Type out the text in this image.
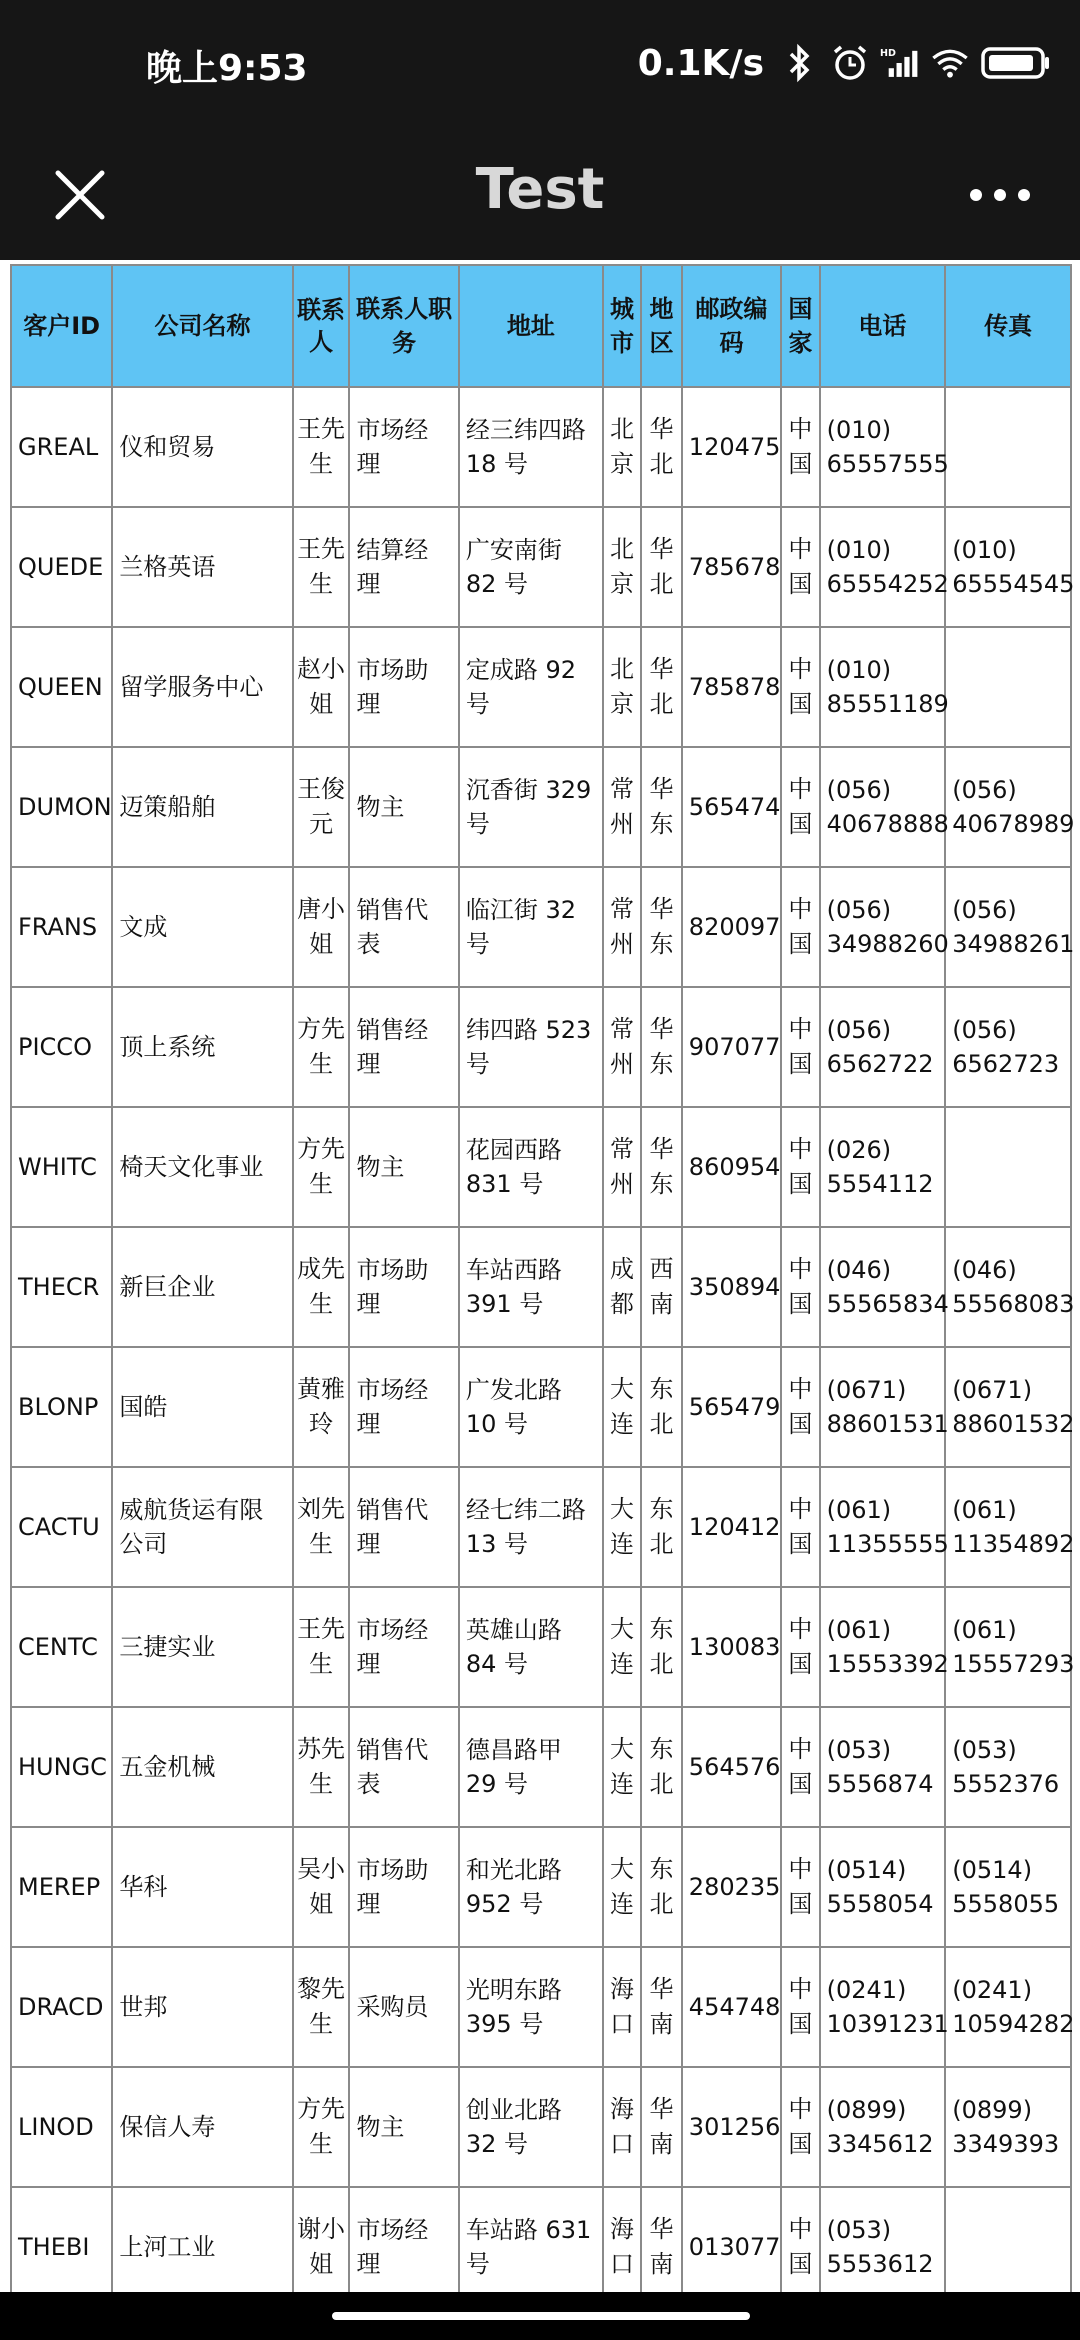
晚上9:53	0.1K/s	HD
Test
客户ID	公司名称	联系人	联系人职务	地址	城市	地区	邮政编码	国家	电话	传真
GREAL	仪和贸易	王先生	市场经理	经三纬四路 18 号	北京	华北	120475	中国	(010) 65557555	
QUEDE	兰格英语	王先生	结算经理	广安南街 82 号	北京	华北	785678	中国	(010) 65554252	(010) 65554545
QUEEN	留学服务中心	赵小姐	市场助理	定成路 92 号	北京	华北	785878	中国	(010) 85551189	
DUMON	迈策船舶	王俊元	物主	沉香街 329 号	常州	华东	565474	中国	(056) 40678888	(056) 40678989
FRANS	文成	唐小姐	销售代表	临江街 32 号	常州	华东	820097	中国	(056) 34988260	(056) 34988261
PICCO	顶上系统	方先生	销售经理	纬四路 523 号	常州	华东	907077	中国	(056) 6562722	(056) 6562723
WHITC	椅天文化事业	方先生	物主	花园西路 831 号	常州	华东	860954	中国	(026) 5554112	
THECR	新巨企业	成先生	市场助理	车站西路 391 号	成都	西南	350894	中国	(046) 55565834	(046) 55568083
BLONP	国皓	黄雅玲	市场经理	广发北路 10 号	大连	东北	565479	中国	(0671) 88601531	(0671) 88601532
CACTU	威航货运有限公司	刘先生	销售代理	经七纬二路 13 号	大连	东北	120412	中国	(061) 11355555	(061) 11354892
CENTC	三捷实业	王先生	市场经理	英雄山路 84 号	大连	东北	130083	中国	(061) 15553392	(061) 15557293
HUNGC	五金机械	苏先生	销售代表	德昌路甲 29 号	大连	东北	564576	中国	(053) 5556874	(053) 5552376
MEREP	华科	吴小姐	市场助理	和光北路 952 号	大连	东北	280235	中国	(0514) 5558054	(0514) 5558055
DRACD	世邦	黎先生	采购员	光明东路 395 号	海口	华南	454748	中国	(0241) 10391231	(0241) 10594282
LINOD	保信人寿	方先生	物主	创业北路 32 号	海口	华南	301256	中国	(0899) 3345612	(0899) 3349393
THEBI	上河工业	谢小姐	市场经理	车站路 631 号	海口	华南	013077	中国	(053) 5553612	
